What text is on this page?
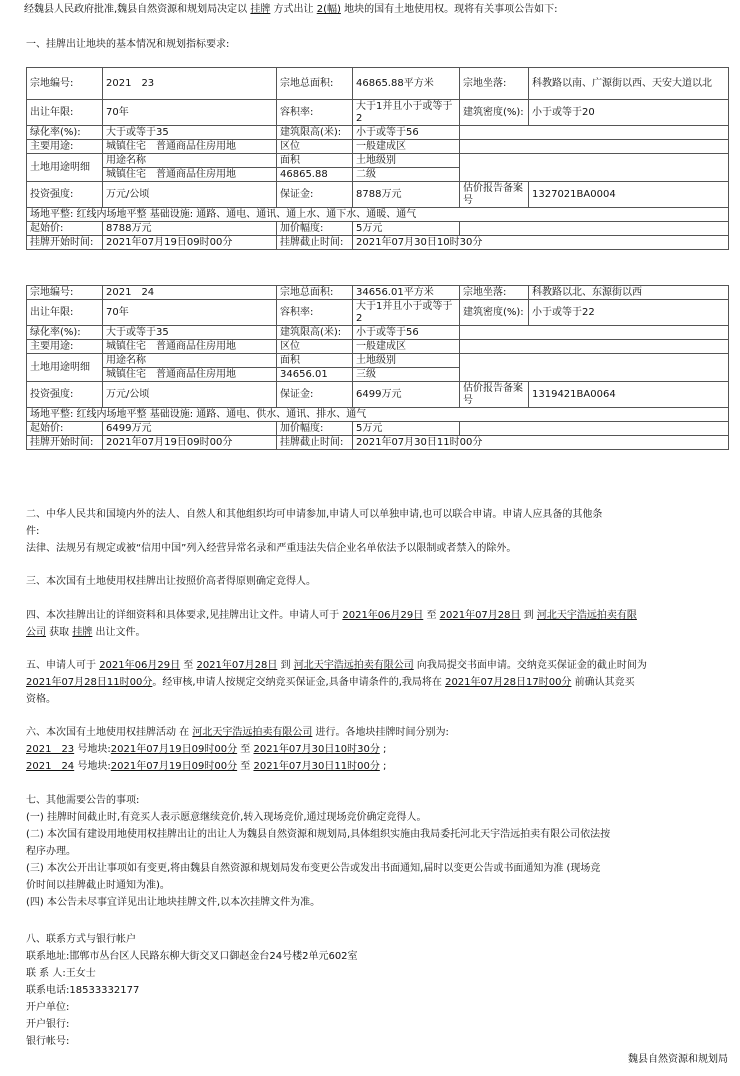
经魏县人民政府批准,魏县自然资源和规划局决定以 挂牌 方式出让 2(幅) 地块的国有土地使用权。现将有关事项公告如下:
一、挂牌出让地块的基本情况和规划指标要求:
宗地编号:	2021　23	宗地总面积:	46865.88平方米	宗地坐落:	科教路以南、广源街以西、天安大道以北
出让年限:	70年	容积率:	大于1并且小于或等于2	建筑密度(%):	小于或等于20
绿化率(%):	大于或等于35	建筑限高(米):	小于或等于56		
主要用途:	城镇住宅　普通商品住房用地	区位	一般建成区		
土地用途明细	用途名称	面积	土地级别		
	城镇住宅　普通商品住房用地	46865.88	二级		
投资强度:	万元/公顷	保证金:	8788万元	估价报告备案号	1327021BA0004
场地平整: 红线内场地平整 基础设施: 通路、通电、通讯、通上水、通下水、通暖、通气					
起始价:	8788万元	加价幅度:	5万元		
挂牌开始时间:	2021年07月19日09时00分	挂牌截止时间:	2021年07月30日10时30分		
宗地编号:	2021　24	宗地总面积:	34656.01平方米	宗地坐落:	科教路以北、东源街以西
出让年限:	70年	容积率:	大于1并且小于或等于2	建筑密度(%):	小于或等于22
绿化率(%):	大于或等于35	建筑限高(米):	小于或等于56		
主要用途:	城镇住宅　普通商品住房用地	区位	一般建成区		
土地用途明细	用途名称	面积	土地级别		
	城镇住宅　普通商品住房用地	34656.01	三级		
投资强度:	万元/公顷	保证金:	6499万元	估价报告备案号	1319421BA0064
场地平整: 红线内场地平整 基础设施: 通路、通电、供水、通讯、排水、通气					
起始价:	6499万元	加价幅度:	5万元		
挂牌开始时间:	2021年07月19日09时00分	挂牌截止时间:	2021年07月30日11时00分		
二、中华人民共和国境内外的法人、自然人和其他组织均可申请参加,申请人可以单独申请,也可以联合申请。申请人应具备的其他条
件:
法律、法规另有规定或被“信用中国”列入经营异常名录和严重违法失信企业名单依法予以限制或者禁入的除外。
三、本次国有土地使用权挂牌出让按照价高者得原则确定竞得人。
四、本次挂牌出让的详细资料和具体要求,见挂牌出让文件。申请人可于 2021年06月29日 至 2021年07月28日 到 河北天宇浩远拍卖有限
公司 获取 挂牌 出让文件。
五、申请人可于 2021年06月29日 至 2021年07月28日 到 河北天宇浩远拍卖有限公司 向我局提交书面申请。交纳竞买保证金的截止时间为
2021年07月28日11时00分。经审核,申请人按规定交纳竞买保证金,具备申请条件的,我局将在 2021年07月28日17时00分 前确认其竞买
资格。
六、本次国有土地使用权挂牌活动 在 河北天宇浩远拍卖有限公司 进行。各地块挂牌时间分别为:
2021　23 号地块:2021年07月19日09时00分 至 2021年07月30日10时30分 ;
2021　24 号地块:2021年07月19日09时00分 至 2021年07月30日11时00分 ;
七、其他需要公告的事项:
(一) 挂牌时间截止时,有竞买人表示愿意继续竞价,转入现场竞价,通过现场竞价确定竞得人。
(二) 本次国有建设用地使用权挂牌出让的出让人为魏县自然资源和规划局,具体组织实施由我局委托河北天宇浩远拍卖有限公司依法按
程序办理。
(三) 本次公开出让事项如有变更,将由魏县自然资源和规划局发布变更公告或发出书面通知,届时以变更公告或书面通知为准 (现场竞
价时间以挂牌截止时通知为准)。
(四) 本公告未尽事宜详见出让地块挂牌文件,以本次挂牌文件为准。
八、联系方式与银行帐户
联系地址:邯郸市丛台区人民路东柳大街交叉口御赵金台24号楼2单元602室
联 系 人:王女士
联系电话:18533332177
开户单位:
开户银行:
银行帐号:
魏县自然资源和规划局
